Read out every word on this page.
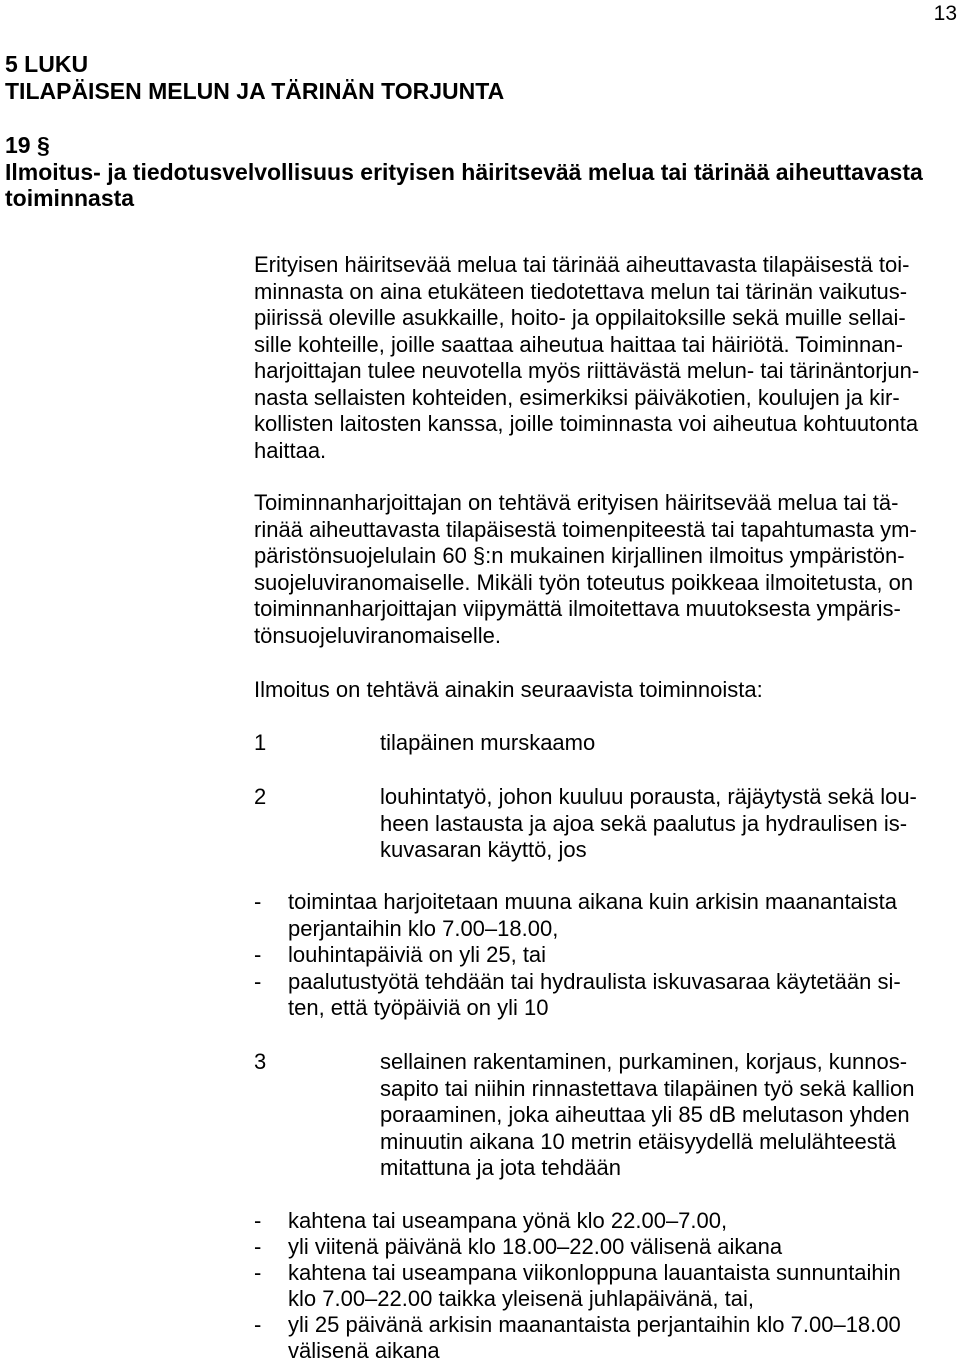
13
5 LUKU
TILAPÄISEN MELUN JA TÄRINÄN TORJUNTA
19 §
Ilmoitus- ja tiedotusvelvollisuus erityisen häiritsevää melua tai tärinää aiheuttavasta
toiminnasta
Erityisen häiritsevää melua tai tärinää aiheuttavasta tilapäisestä toi-
minnasta on aina etukäteen tiedotettava melun tai tärinän vaikutus-
piirissä oleville asukkaille, hoito- ja oppilaitoksille sekä muille sellai-
sille kohteille, joille saattaa aiheutua haittaa tai häiriötä. Toiminnan-
harjoittajan tulee neuvotella myös riittävästä melun- tai tärinäntorjun-
nasta sellaisten kohteiden, esimerkiksi päiväkotien, koulujen ja kir-
kollisten laitosten kanssa, joille toiminnasta voi aiheutua kohtuutonta
haittaa.
Toiminnanharjoittajan on tehtävä erityisen häiritsevää melua tai tä-
rinää aiheuttavasta tilapäisestä toimenpiteestä tai tapahtumasta ym-
päristönsuojelulain 60 §:n mukainen kirjallinen ilmoitus ympäristön-
suojeluviranomaiselle. Mikäli työn toteutus poikkeaa ilmoitetusta, on
toiminnanharjoittajan viipymättä ilmoitettava muutoksesta ympäris-
tönsuojeluviranomaiselle.
Ilmoitus on tehtävä ainakin seuraavista toiminnoista:
1	tilapäinen murskaamo
2	louhintatyö, johon kuuluu porausta, räjäytystä sekä lou-
heen lastausta ja ajoa sekä paalutus ja hydraulisen is-
kuvasaran käyttö, jos
-	toimintaa harjoitetaan muuna aikana kuin arkisin maanantaista
perjantaihin klo 7.00–18.00,
-	louhintapäiviä on yli 25, tai
-	paalutustyötä tehdään tai hydraulista iskuvasaraa käytetään si-
ten, että työpäiviä on yli 10
3	sellainen rakentaminen, purkaminen, korjaus, kunnos-
sapito tai niihin rinnastettava tilapäinen työ sekä kallion
poraaminen, joka aiheuttaa yli 85 dB melutason yhden
minuutin aikana 10 metrin etäisyydellä melulähteestä
mitattuna ja jota tehdään
-	kahtena tai useampana yönä klo 22.00–7.00,
-	yli viitenä päivänä klo 18.00–22.00 välisenä aikana
-	kahtena tai useampana viikonloppuna lauantaista sunnuntaihin
klo 7.00–22.00 taikka yleisenä juhlapäivänä, tai,
-	yli 25 päivänä arkisin maanantaista perjantaihin klo 7.00–18.00
välisenä aikana
